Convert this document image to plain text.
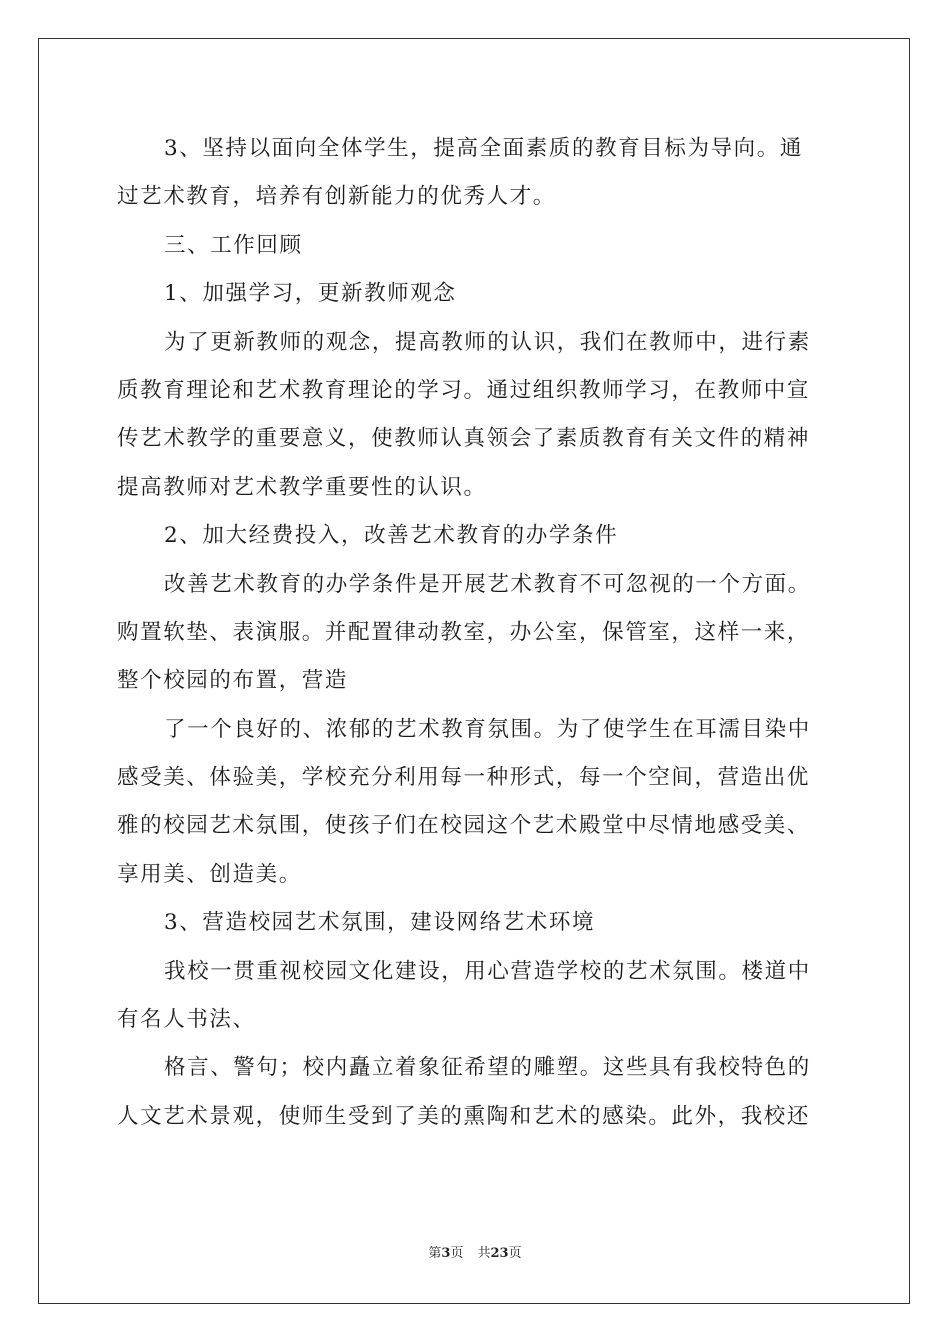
3、坚持以面向全体学生，提高全面素质的教育目标为导向。通
过艺术教育，培养有创新能力的优秀人才。
三、工作回顾
1、加强学习，更新教师观念
为了更新教师的观念，提高教师的认识，我们在教师中，进行素
质教育理论和艺术教育理论的学习。通过组织教师学习，在教师中宣
传艺术教学的重要意义，使教师认真领会了素质教育有关文件的精神
提高教师对艺术教学重要性的认识。
2、加大经费投入，改善艺术教育的办学条件
改善艺术教育的办学条件是开展艺术教育不可忽视的一个方面。
购置软垫、表演服。并配置律动教室，办公室，保管室，这样一来，
整个校园的布置，营造
了一个良好的、浓郁的艺术教育氛围。为了使学生在耳濡目染中
感受美、体验美，学校充分利用每一种形式，每一个空间，营造出优
雅的校园艺术氛围，使孩子们在校园这个艺术殿堂中尽情地感受美、
享用美、创造美。
3、营造校园艺术氛围，建设网络艺术环境
我校一贯重视校园文化建设，用心营造学校的艺术氛围。楼道中
有名人书法、
格言、警句；校内矗立着象征希望的雕塑。这些具有我校特色的
人文艺术景观，使师生受到了美的熏陶和艺术的感染。此外，我校还
第3页 共23页
